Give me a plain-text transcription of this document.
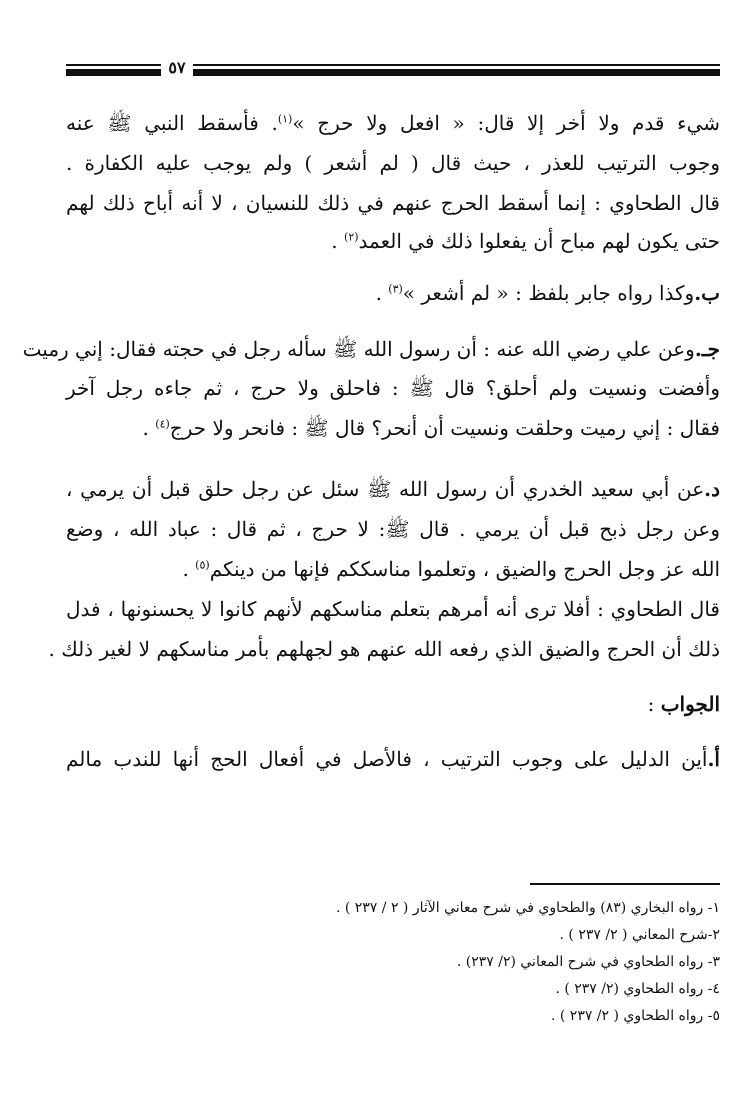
٥٧
شيء قدم ولا أخر إلا قال: « افعل ولا حرج »$^{(١)}$. فأسقط النبي ﷺ عنه
وجوب الترتيب للعذر ، حيث قال ( لم أشعر ) ولم يوجب عليه الكفارة .
قال الطحاوي : إنما أسقط الحرج عنهم في ذلك للنسيان ، لا أنه أباح ذلك لهم
حتى يكون لهم مباح أن يفعلوا ذلك في العمد$^{(٢)}$ .
ب.وكذا رواه جابر بلفظ : « لم أشعر »$^{(٣)}$ .
جـ.وعن علي رضي الله عنه : أن رسول الله ﷺ سأله رجل في حجته فقال: إني رميت
وأفضت ونسيت ولم أحلق؟ قال ﷺ : فاحلق ولا حرج ، ثم جاءه رجل آخر
فقال : إني رميت وحلقت ونسيت أن أنحر؟ قال ﷺ : فانحر ولا حرج$^{(٤)}$ .
د.عن أبي سعيد الخدري أن رسول الله ﷺ سئل عن رجل حلق قبل أن يرمي ،
وعن رجل ذبح قبل أن يرمي . قال ﷺ: لا حرج ، ثم قال : عباد الله ، وضع
الله عز وجل الحرج والضيق ، وتعلموا مناسككم فإنها من دينكم$^{(٥)}$ .
قال الطحاوي : أفلا ترى أنه أمرهم بتعلم مناسكهم لأنهم كانوا لا يحسنونها ، فدل
ذلك أن الحرج والضيق الذي رفعه الله عنهم هو لجهلهم بأمر مناسكهم لا لغير ذلك .
الجواب :
أ.أين الدليل على وجوب الترتيب ، فالأصل في أفعال الحج أنها للندب مالم
١- رواه البخاري (٨٣) والطحاوي في شرح معاني الآثار ( ٢ / ٢٣٧ ) .
٢-شرح المعاني ( ٢/ ٢٣٧ ) .
٣- رواه الطحاوي في شرح المعاني (٢/ ٢٣٧) .
٤- رواه الطحاوي (٢/ ٢٣٧ ) .
٥- رواه الطحاوي ( ٢/ ٢٣٧ ) .
